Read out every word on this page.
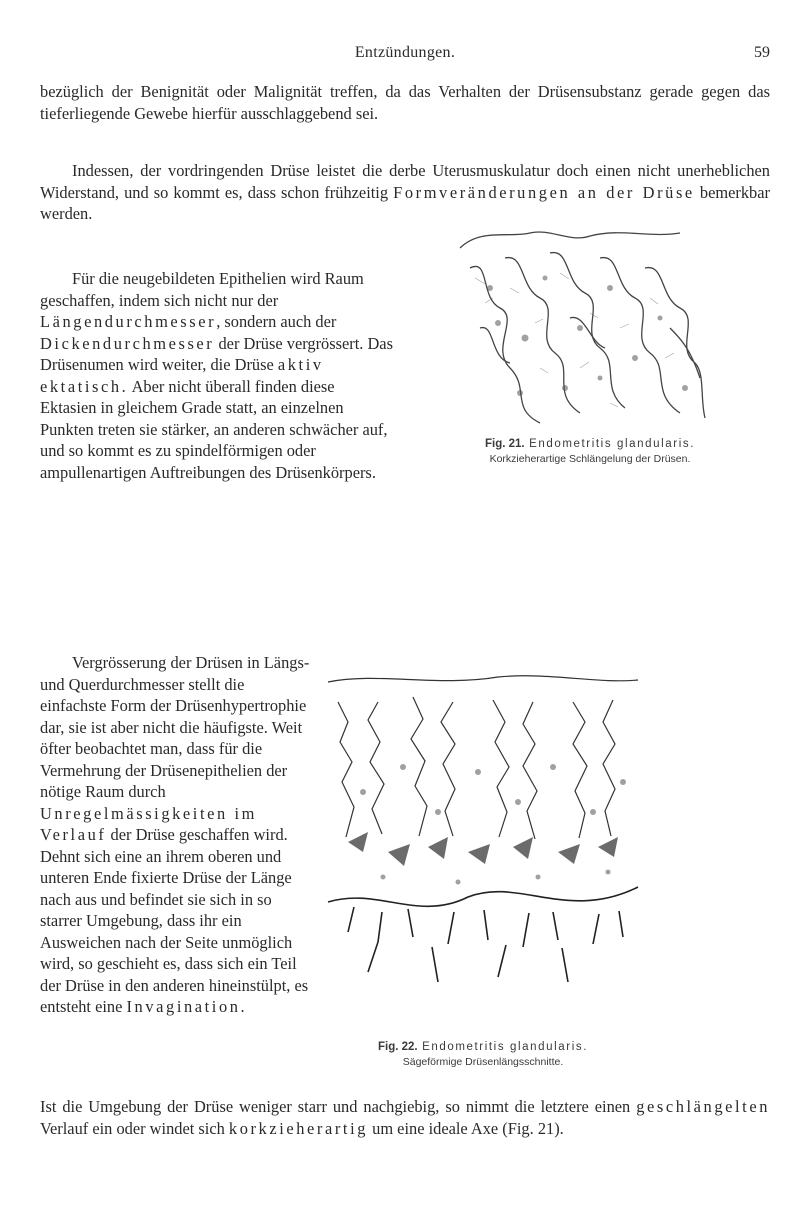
Entzündungen.	59

bezüglich der Benignität oder Malignität treffen, da das Verhalten der Drüsensubstanz gerade gegen das tieferliegende Gewebe hierfür ausschlaggebend sei.

Indessen, der vordringenden Drüse leistet die derbe Uterusmuskulatur doch einen nicht unerheblichen Widerstand, und so kommt es, dass schon frühzeitig Formveränderungen an der Drüse bemerkbar werden.

Fig. 21. Endometritis glandularis.
Korkzieherartige Schlängelung der Drüsen.

Für die neugebildeten Epithelien wird Raum geschaffen, indem sich nicht nur der Längendurchmesser, sondern auch der Dickendurchmesser der Drüse vergrössert. Das Drüsenumen wird weiter, die Drüse aktiv ektatisch. Aber nicht überall finden diese Ektasien in gleichem Grade statt, an einzelnen Punkten treten sie stärker, an anderen schwächer auf, und so kommt es zu spindelförmigen oder ampullenartigen Auftreibungen des Drüsenkörpers.

Vergrösserung der Drüsen in Längs- und Querdurchmesser stellt die einfachste Form der Drüsenhypertrophie dar, sie ist aber nicht die häufigste. Weit öfter beobachtet man, dass für die Vermehrung der Drüsenepithelien der nötige Raum durch Unregelmässigkeiten im Verlauf der Drüse geschaffen wird. Dehnt sich eine an ihrem oberen und unteren Ende fixierte Drüse der Länge nach aus und befindet sie sich in so starrer Umgebung, dass ihr ein Ausweichen nach der Seite unmöglich wird, so geschieht es, dass sich ein Teil der Drüse in den anderen hineinstülpt, es entsteht eine Invagination.

Fig. 22. Endometritis glandularis.
Sägeförmige Drüsenlängsschnitte.

Ist die Umgebung der Drüse weniger starr und nachgiebig, so nimmt die letztere einen geschlängelten Verlauf ein oder windet sich korkzieherartig um eine ideale Axe (Fig. 21).
